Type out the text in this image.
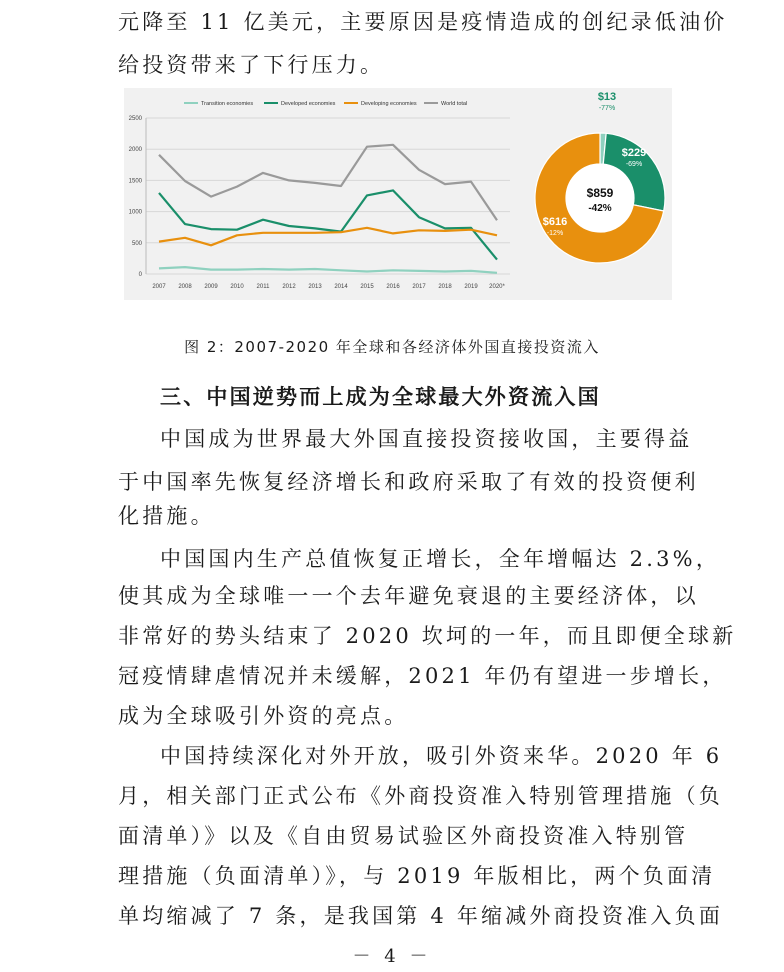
元降至 11 亿美元，主要原因是疫情造成的创纪录低油价
给投资带来了下行压力。
0
500
1000
1500
2000
2500
2007 2008 2009 2010 2011 2012 2013 2014 2015 2016 2017 2018 2019 2020*
Transition economies	Developed economies	Developing economies	World total
$859
-42%
$13
-77%
$229
-69%
$616
-12%
图 2：2007-2020 年全球和各经济体外国直接投资流入
三、中国逆势而上成为全球最大外资流入国
中国成为世界最大外国直接投资接收国，主要得益
于中国率先恢复经济增长和政府采取了有效的投资便利
化措施。
中国国内生产总值恢复正增长，全年增幅达 2.3%，
使其成为全球唯一一个去年避免衰退的主要经济体，以
非常好的势头结束了 2020 坎坷的一年，而且即便全球新
冠疫情肆虐情况并未缓解，2021 年仍有望进一步增长，
成为全球吸引外资的亮点。
中国持续深化对外开放，吸引外资来华。2020 年 6
月，相关部门正式公布《外商投资准入特别管理措施（负
面清单）》以及《自由贸易试验区外商投资准入特别管
理措施（负面清单）》，与 2019 年版相比，两个负面清
单均缩减了 7 条，是我国第 4 年缩减外商投资准入负面
－ 4 －
